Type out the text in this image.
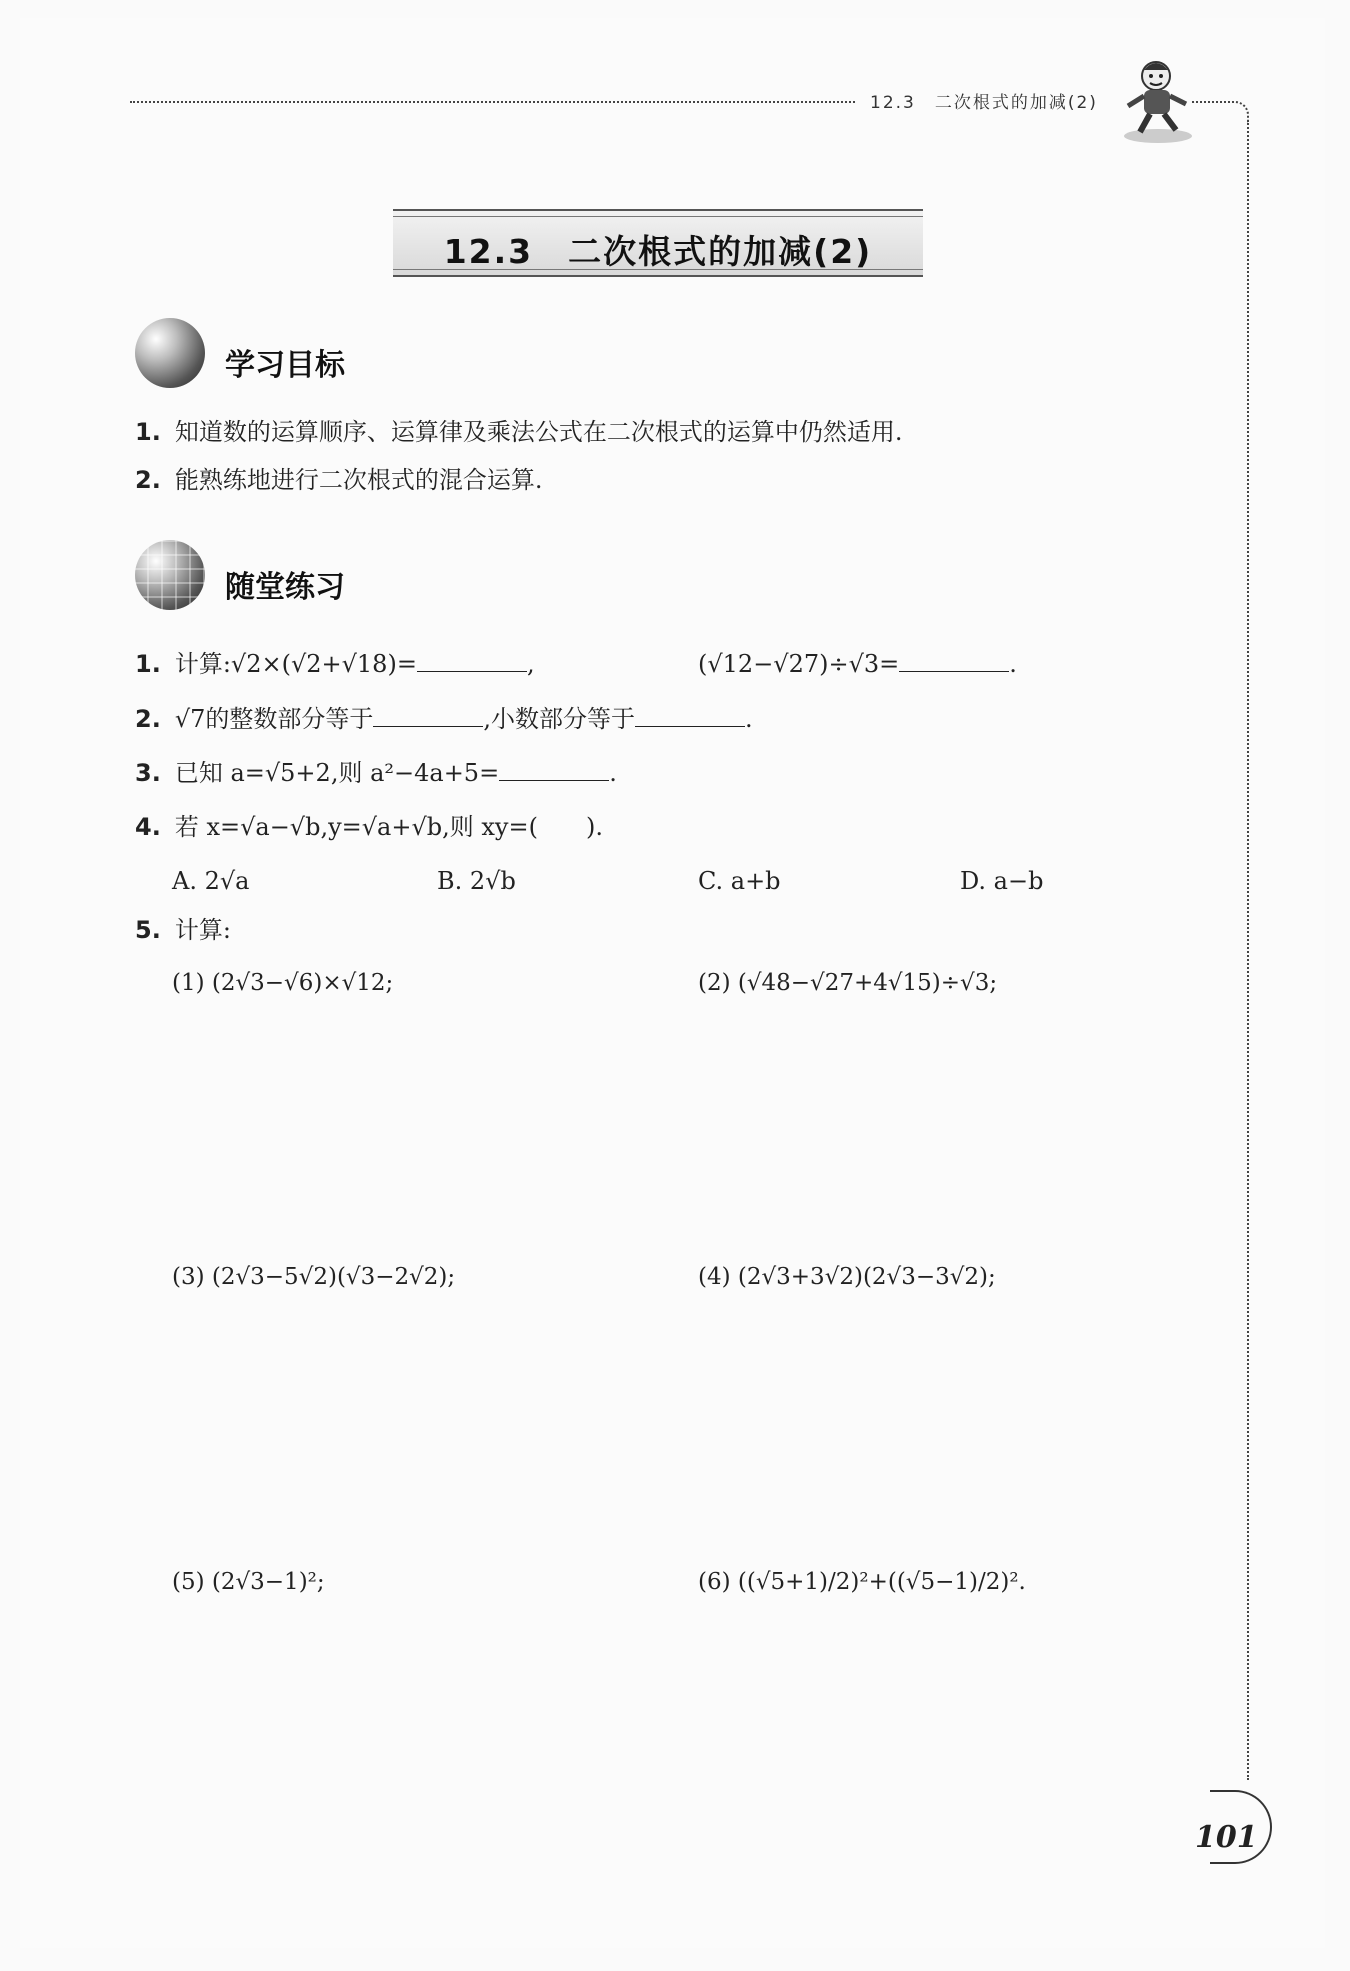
12.3　二次根式的加减(2)
101
12.3　二次根式的加减(2)
学习目标
1. 知道数的运算顺序、运算律及乘法公式在二次根式的运算中仍然适用.
2. 能熟练地进行二次根式的混合运算.
随堂练习
1. 计算:√2×(√2+√18)=	,	(√12−√27)÷√3=	.
2. √7的整数部分等于	,小数部分等于	.
3. 已知 a=√5+2,则 a²−4a+5=	.
4. 若 x=√a−√b,y=√a+√b,则 xy=(　　).
A. 2√a	B. 2√b	C. a+b	D. a−b
5. 计算:
(1) (2√3−√6)×√12;	(2) (√48−√27+4√15)÷√3;
(3) (2√3−5√2)(√3−2√2);	(4) (2√3+3√2)(2√3−3√2);
(5) (2√3−1)²;	(6) ((√5+1)/2)²+((√5−1)/2)².
